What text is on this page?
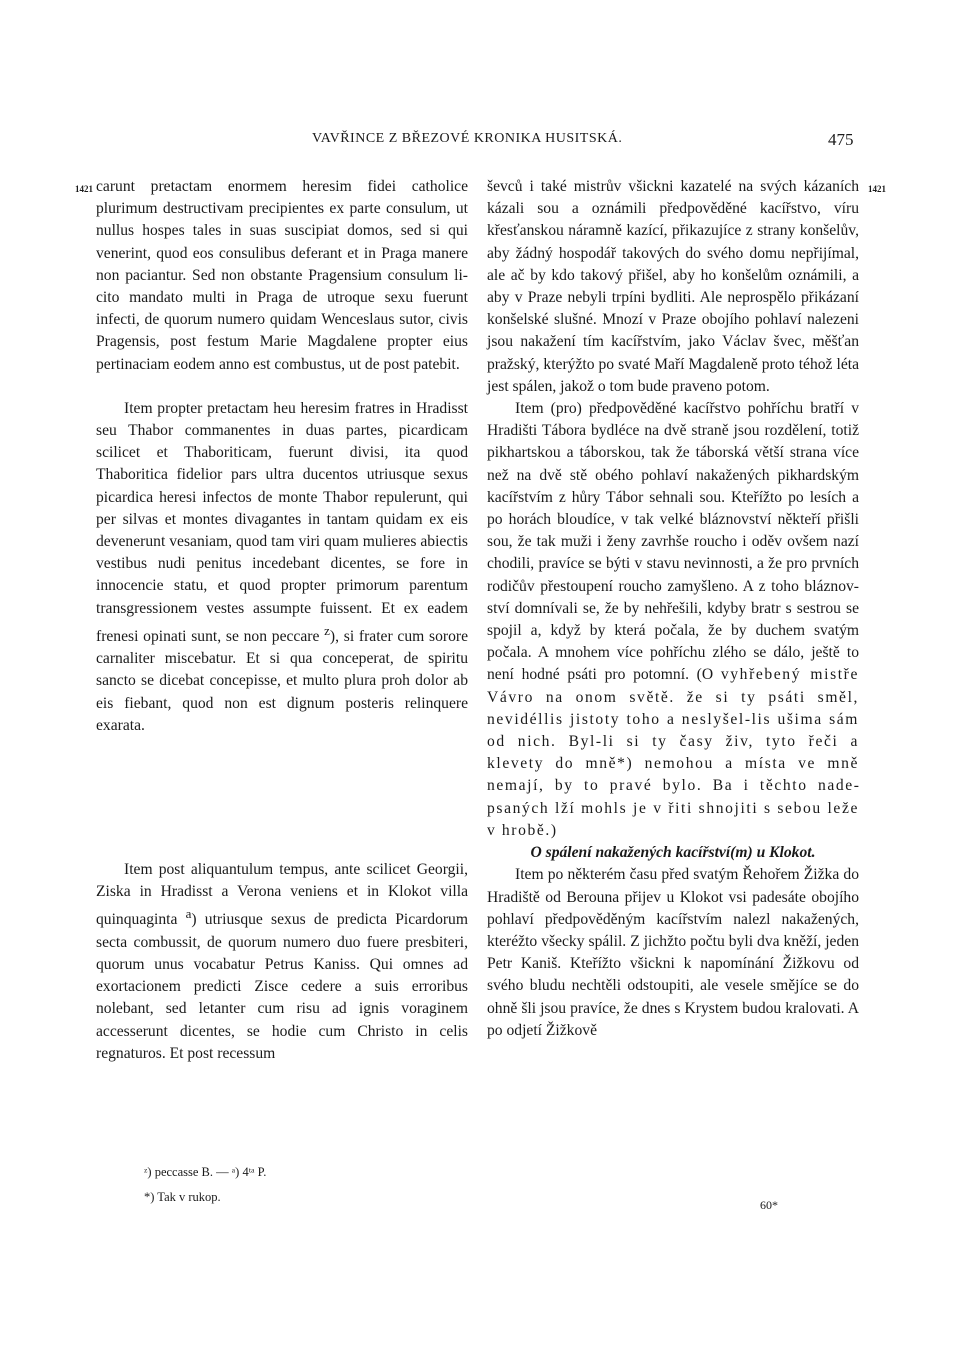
VAVŘINCE Z BŘEZOVÉ KRONIKA HUSITSKÁ.	475
1421	1421

carunt pretactam enormem heresim fidei catholice plurimum destructivam precipientes ex parte consulum, ut nullus hospes tales in suas suscipiat domos, sed si qui venerint, quod eos consulibus deferant et in Praga manere non paciantur. Sed non obstante Pragensium consulum licito mandato multi in Praga de utroque sexu fuerunt infecti, de quorum numero quidam Wenceslaus sutor, civis Pragensis, post festum Marie Magdalene propter eius pertinaciam eodem anno est combustus, ut de post patebit.

Item propter pretactam heu heresim fratres in Hradisst seu Thabor commanentes in duas partes, picardicam scilicet et Thaboriticam, fuerunt divisi, ita quod Thaboritica fidelior pars ultra ducentos utriusque sexus picardica heresi infectos de monte Thabor repulerunt, qui per silvas et montes divagantes in tantam quidam ex eis devenerunt vesaniam, quod tam viri quam mulieres abiectis vestibus nudi penitus incedebant dicentes, se fore in innocencie statu, et quod propter primorum parentum transgressionem vestes assumpte fuissent. Et ex eadem frenesi opinati sunt, se non peccare $^z$), si frater cum sorore carnaliter miscebatur. Et si qua conceperat, de spiritu sancto se dicebat concepisse, et multo plura proh dolor ab eis fiebant, quod non est dignum posteris relinquere exarata.

Item post aliquantulum tempus, ante scilicet Georgii, Ziska in Hradisst a Verona veniens et in Klokot villa quinquaginta $^a$) utriusque sexus de predicta Picardorum secta combussit, de quorum numero duo fuere presbiteri, quorum unus vocabatur Petrus Kaniss. Qui omnes ad exortacionem predicti Zisce cedere a suis erroribus nolebant, sed letanter cum risu ad ignis voraginem accesserunt dicentes, se hodie cum Christo in celis regnaturos. Et post recessum

ševců i také mistrův všickni kazatelé na svých kázaních kázali sou a oznámili předpověděné kacířstvo, víru křesťanskou náramně kazící, přikazujíce z strany konšelův, aby žádný hospodář takových do svého domu nepřijímal, ale ač by kdo takový přišel, aby ho konšelům oznámili, a aby v Praze nebyli trpíni bydliti. Ale neprospělo přikázaní konšelské slušné. Mnozí v Praze obojího pohlaví nalezeni jsou nakažení tím kacířstvím, jako Václav švec, měšťan pražský, kterýžto po svaté Maří Magdaleně proto téhož léta jest spálen, jakož o tom bude praveno potom.

Item (pro) předpověděné kacířstvo pohříchu bratří v Hradišti Tábora bydléce na dvě straně jsou rozdělení, totiž pikhartskou a táborskou, tak že táborská větší strana více než na dvě stě obého pohlaví nakažených pikhardským kacířstvím z hůry Tábor sehnali sou. Kteřížto po lesích a po horách bloudíce, v tak velké bláznovství někteří přišli sou, že tak muži i ženy zavrhše roucho i oděv ovšem nazí chodili, pravíce se býti v stavu nevinnosti, a že pro prvních rodičův přestoupení roucho zamyšleno. A z toho bláznovství domnívali se, že by nehřešili, kdyby bratr s sestrou se spojil a, když by která počala, že by duchem svatým počala. A mnohem více pohříchu zlého se dálo, ještě to není hodné psáti pro potomní. (O vyhřebený mistře Vávro na onom světě. že si ty psáti směl, nevidéllis jistoty toho a neslyšel-lis ušima sám od nich. Byl-li si ty časy živ, tyto řeči a klevety do mně*) nemohou a místa ve mně nemají, by to pravé bylo. Ba i těchto nadepsaných lží mohls je v řiti shnojiti s sebou leže v hrobě.)

O spálení nakažených kacířství(m) u Klokot.

Item po některém času před svatým Řehořem Žižka do Hradiště od Berouna přijev u Klokot vsi padesáte obojího pohlaví předpověděným kacířstvím nalezl nakažených, kteréžto všecky spálil. Z jichžto počtu byli dva kněží, jeden Petr Kaniš. Kteřížto všickni k napomínání Žižkovu od svého bludu nechtěli odstoupiti, ale vesele smějíce se do ohně šli jsou pravíce, že dnes s Krystem budou kralovati. A po odjetí Žižkově

ᶻ) peccasse B. — ᵃ) 4ᵗᵃ P.
*) Tak v rukop.
60*
